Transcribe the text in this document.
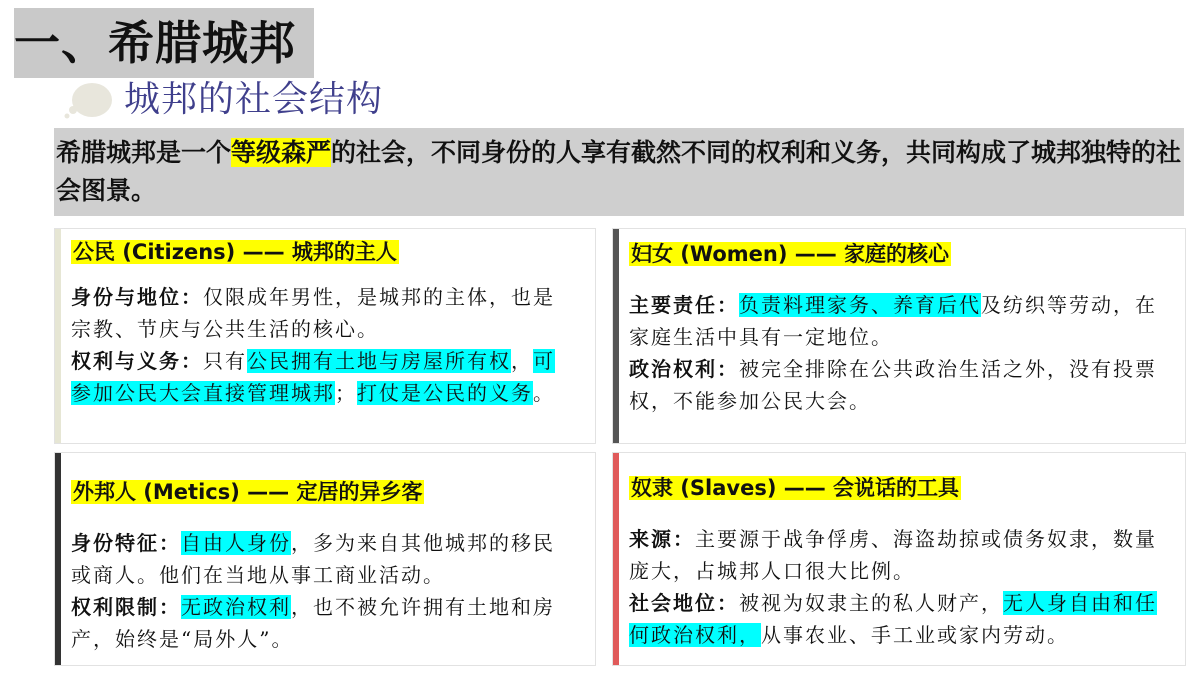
一、希腊城邦
城邦的社会结构
希腊城邦是一个等级森严的社会，不同身份的人享有截然不同的权利和义务，共同构成了城邦独特的社会图景。
公民 (Citizens) —— 城邦的主人
身份与地位：仅限成年男性，是城邦的主体，也是宗教、节庆与公共生活的核心。
权利与义务：只有公民拥有土地与房屋所有权，可参加公民大会直接管理城邦；打仗是公民的义务。
妇女 (Women) —— 家庭的核心
主要责任：负责料理家务、养育后代及纺织等劳动，在家庭生活中具有一定地位。
政治权利：被完全排除在公共政治生活之外，没有投票权，不能参加公民大会。
外邦人 (Metics) —— 定居的异乡客
身份特征：自由人身份，多为来自其他城邦的移民或商人。他们在当地从事工商业活动。
权利限制：无政治权利，也不被允许拥有土地和房产，始终是“局外人”。
奴隶 (Slaves) —— 会说话的工具
来源：主要源于战争俘虏、海盗劫掠或债务奴隶，数量庞大，占城邦人口很大比例。
社会地位：被视为奴隶主的私人财产，无人身自由和任何政治权利，从事农业、手工业或家内劳动。
